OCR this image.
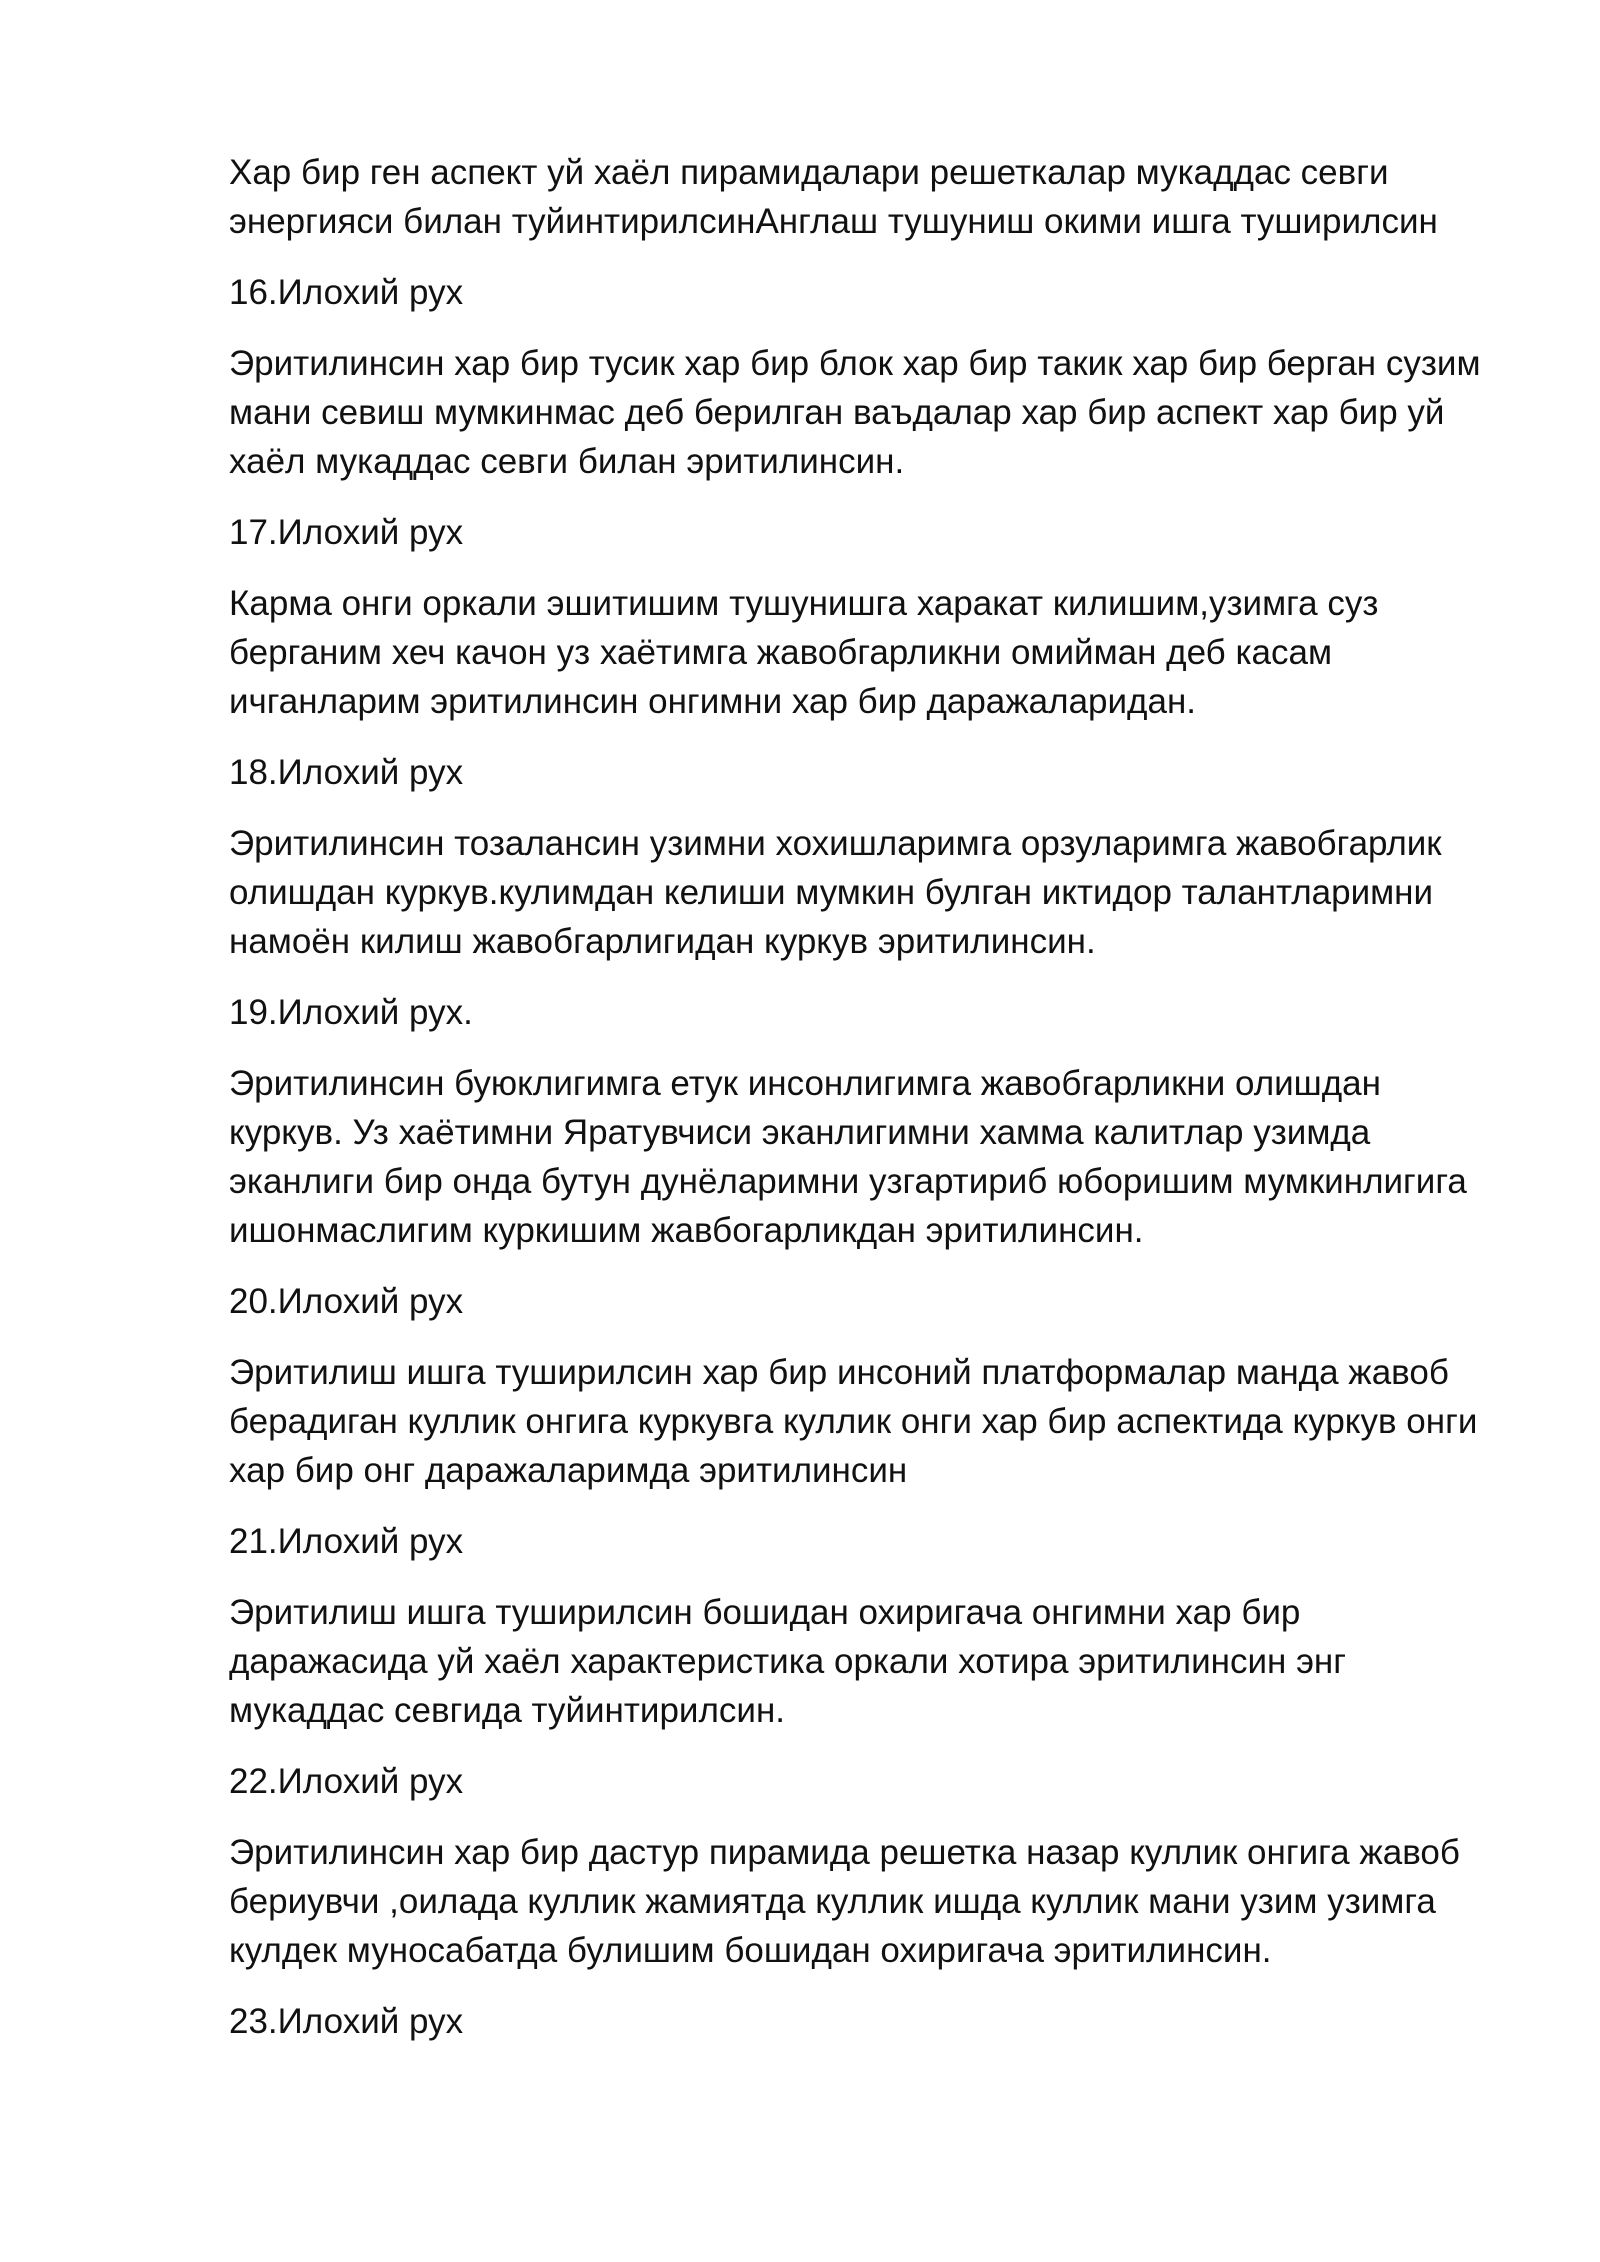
Хар бир ген аспект уй хаёл пирамидалари решеткалар мукаддас севги энергияси билан туйинтирилсинАнглаш тушуниш окими ишга туширилсин

16.Илохий рух

Эритилинсин хар бир тусик хар бир блок хар бир такик хар бир берган сузим мани севиш мумкинмас деб берилган ваъдалар хар бир аспект хар бир уй хаёл мукаддас севги билан эритилинсин.

17.Илохий рух

Карма онги оркали эшитишим тушунишга харакат килишим,узимга суз берганим хеч качон уз хаётимга жавобгарликни омийман деб касам ичганларим эритилинсин онгимни хар бир даражаларидан.

18.Илохий рух

Эритилинсин тозалансин узимни хохишларимга орзуларимга жавобгарлик олишдан куркув.кулимдан келиши мумкин булган иктидор талантларимни намоён килиш жавобгарлигидан куркув эритилинсин.

19.Илохий рух.

Эритилинсин буюклигимга етук инсонлигимга жавобгарликни олишдан куркув. Уз хаётимни Яратувчиси эканлигимни хамма калитлар узимда эканлиги бир онда бутун дунёларимни узгартириб юборишим мумкинлигига ишонмаслигим куркишим жавбогарликдан эритилинсин.

20.Илохий рух

Эритилиш ишга туширилсин хар бир инсоний платформалар манда жавоб берадиган куллик онгига куркувга куллик онги хар бир аспектида куркув онги хар бир онг даражаларимда эритилинсин

21.Илохий рух

Эритилиш ишга туширилсин бошидан охиригача онгимни хар бир даражасида уй хаёл характеристика оркали хотира эритилинсин энг мукаддас севгида туйинтирилсин.

22.Илохий рух

Эритилинсин хар бир дастур пирамида решетка назар куллик онгига жавоб бериувчи ,оилада куллик жамиятда куллик ишда куллик мани узим узимга кулдек муносабатда булишим бошидан охиригача эритилинсин.

23.Илохий рух
